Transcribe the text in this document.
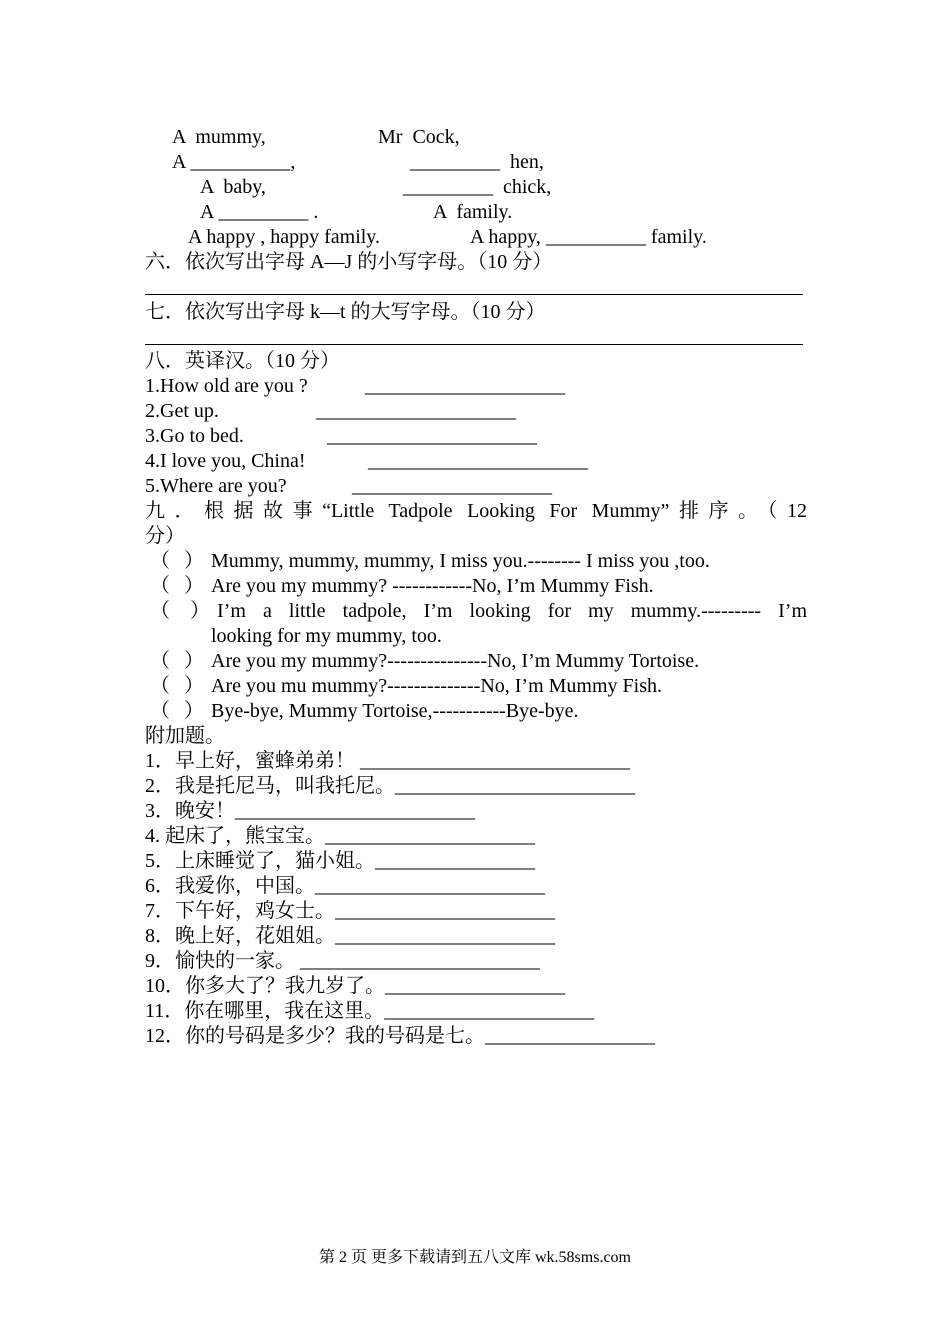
A  mummy,	Mr  Cock,
A __________,	_________  hen,
A  baby,	_________  chick,
A _________ .	A  family.
A happy , happy family.	A happy, __________ family.
六．依次写出字母 A—J 的小写字母。（10 分）
七．依次写出字母 k—t 的大写字母。（10 分）
八．英译汉。（10 分）
1.How old are you ?	____________________
2.Get up.	____________________
3.Go to bed.	_____________________
4.I love you, China!	______________________
5.Where are you?	____________________
九．根据故事“Little Tadpole Looking For Mummy”排序。（12
分）
（ ） Mummy, mummy, mummy, I miss you.-------- I miss you ,too.
（ ） Are you my mummy? ------------No, I’m Mummy Fish.
（ ） I’m a little tadpole, I’m looking for my mummy.--------- I’m
looking for my mummy, too.
（ ） Are you my mummy?---------------No, I’m Mummy Tortoise.
（ ） Are you mu mummy?--------------No, I’m Mummy Fish.
（ ） Bye-bye, Mummy Tortoise,-----------Bye-bye.
附加题。
1．早上好，蜜蜂弟弟！ ___________________________
2．我是托尼马，叫我托尼。________________________
3．晚安！________________________
4. 起床了，熊宝宝。_____________________
5．上床睡觉了，猫小姐。________________
6．我爱你，中国。_______________________
7．下午好，鸡女士。______________________
8．晚上好，花姐姐。______________________
9．愉快的一家。 ________________________
10．你多大了？我九岁了。__________________
11．你在哪里，我在这里。_____________________
12．你的号码是多少？我的号码是七。_________________
第 2 页 更多下载请到五八文库 wk.58sms.com
